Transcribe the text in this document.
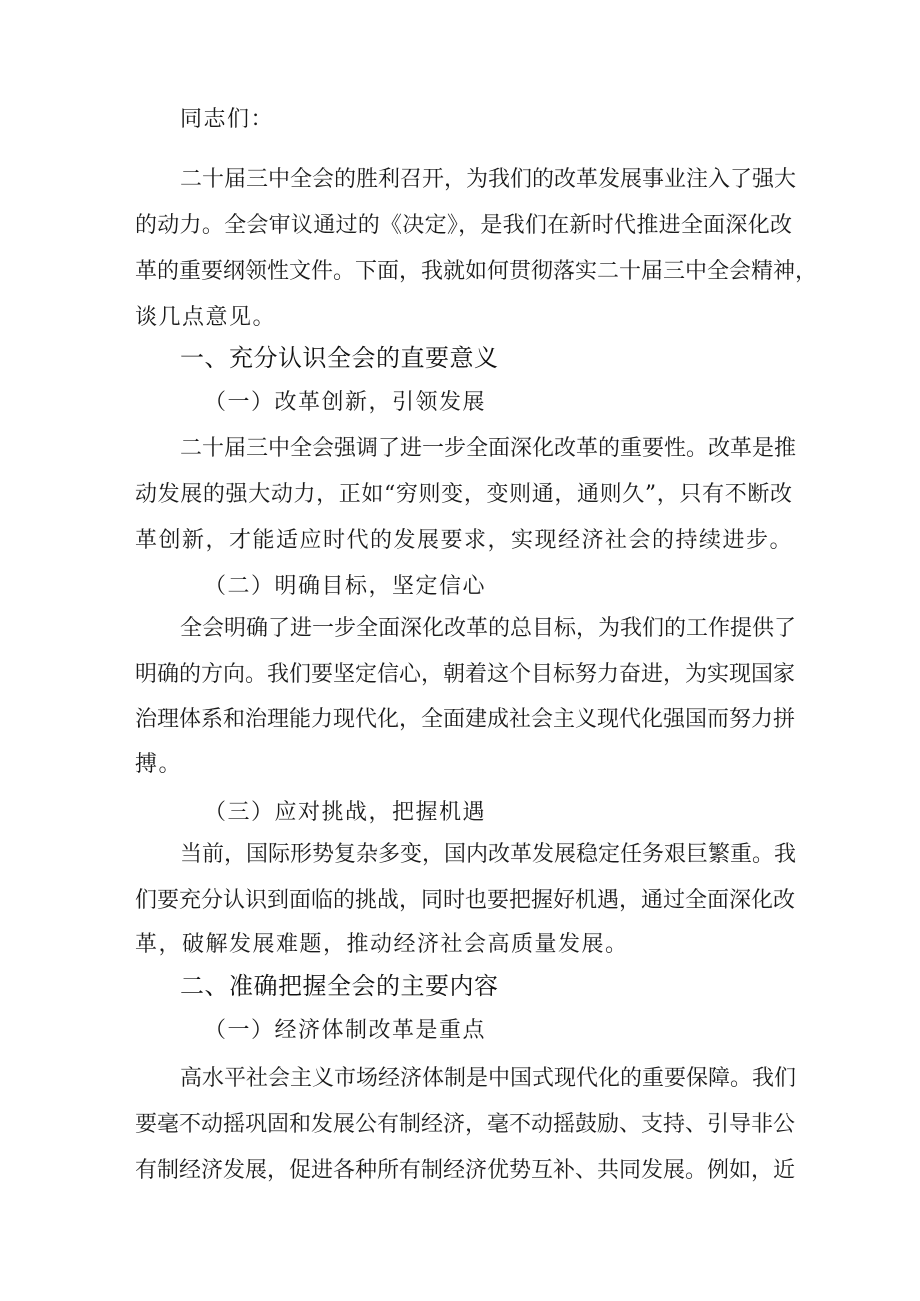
同志们：
二十届三中全会的胜利召开，为我们的改革发展事业注入了强大
的动力。全会审议通过的《决定》，是我们在新时代推进全面深化改
革的重要纲领性文件。下面，我就如何贯彻落实二十届三中全会精神，
谈几点意见。
一、充分认识全会的直要意义
（一）改革创新，引领发展
二十届三中全会强调了进一步全面深化改革的重要性。改革是推
动发展的强大动力，正如“穷则变，变则通，通则久”，只有不断改
革创新，才能适应时代的发展要求，实现经济社会的持续进步。
（二）明确目标，坚定信心
全会明确了进一步全面深化改革的总目标，为我们的工作提供了
明确的方向。我们要坚定信心，朝着这个目标努力奋进，为实现国家
治理体系和治理能力现代化，全面建成社会主义现代化强国而努力拼
搏。
（三）应对挑战，把握机遇
当前，国际形势复杂多变，国内改革发展稳定任务艰巨繁重。我
们要充分认识到面临的挑战，同时也要把握好机遇，通过全面深化改
革，破解发展难题，推动经济社会高质量发展。
二、准确把握全会的主要内容
（一）经济体制改革是重点
高水平社会主义市场经济体制是中国式现代化的重要保障。我们
要毫不动摇巩固和发展公有制经济，毫不动摇鼓励、支持、引导非公
有制经济发展，促进各种所有制经济优势互补、共同发展。例如，近
